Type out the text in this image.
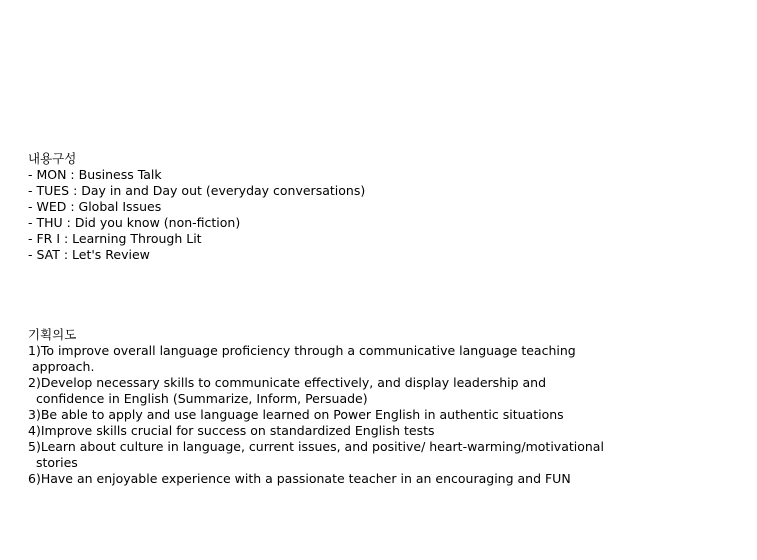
내용구성
- MON : Business Talk
- TUES : Day in and Day out (everyday conversations)
- WED : Global Issues
- THU : Did you know (non-fiction)
- FR I : Learning Through Lit
- SAT : Let's Review
기획의도
1)To improve overall language proficiency through a communicative language teaching
approach.
2)Develop necessary skills to communicate effectively, and display leadership and
confidence in English (Summarize, Inform, Persuade)
3)Be able to apply and use language learned on Power English in authentic situations
4)Improve skills crucial for success on standardized English tests
5)Learn about culture in language, current issues, and positive/ heart-warming/motivational
stories
6)Have an enjoyable experience with a passionate teacher in an encouraging and FUN
